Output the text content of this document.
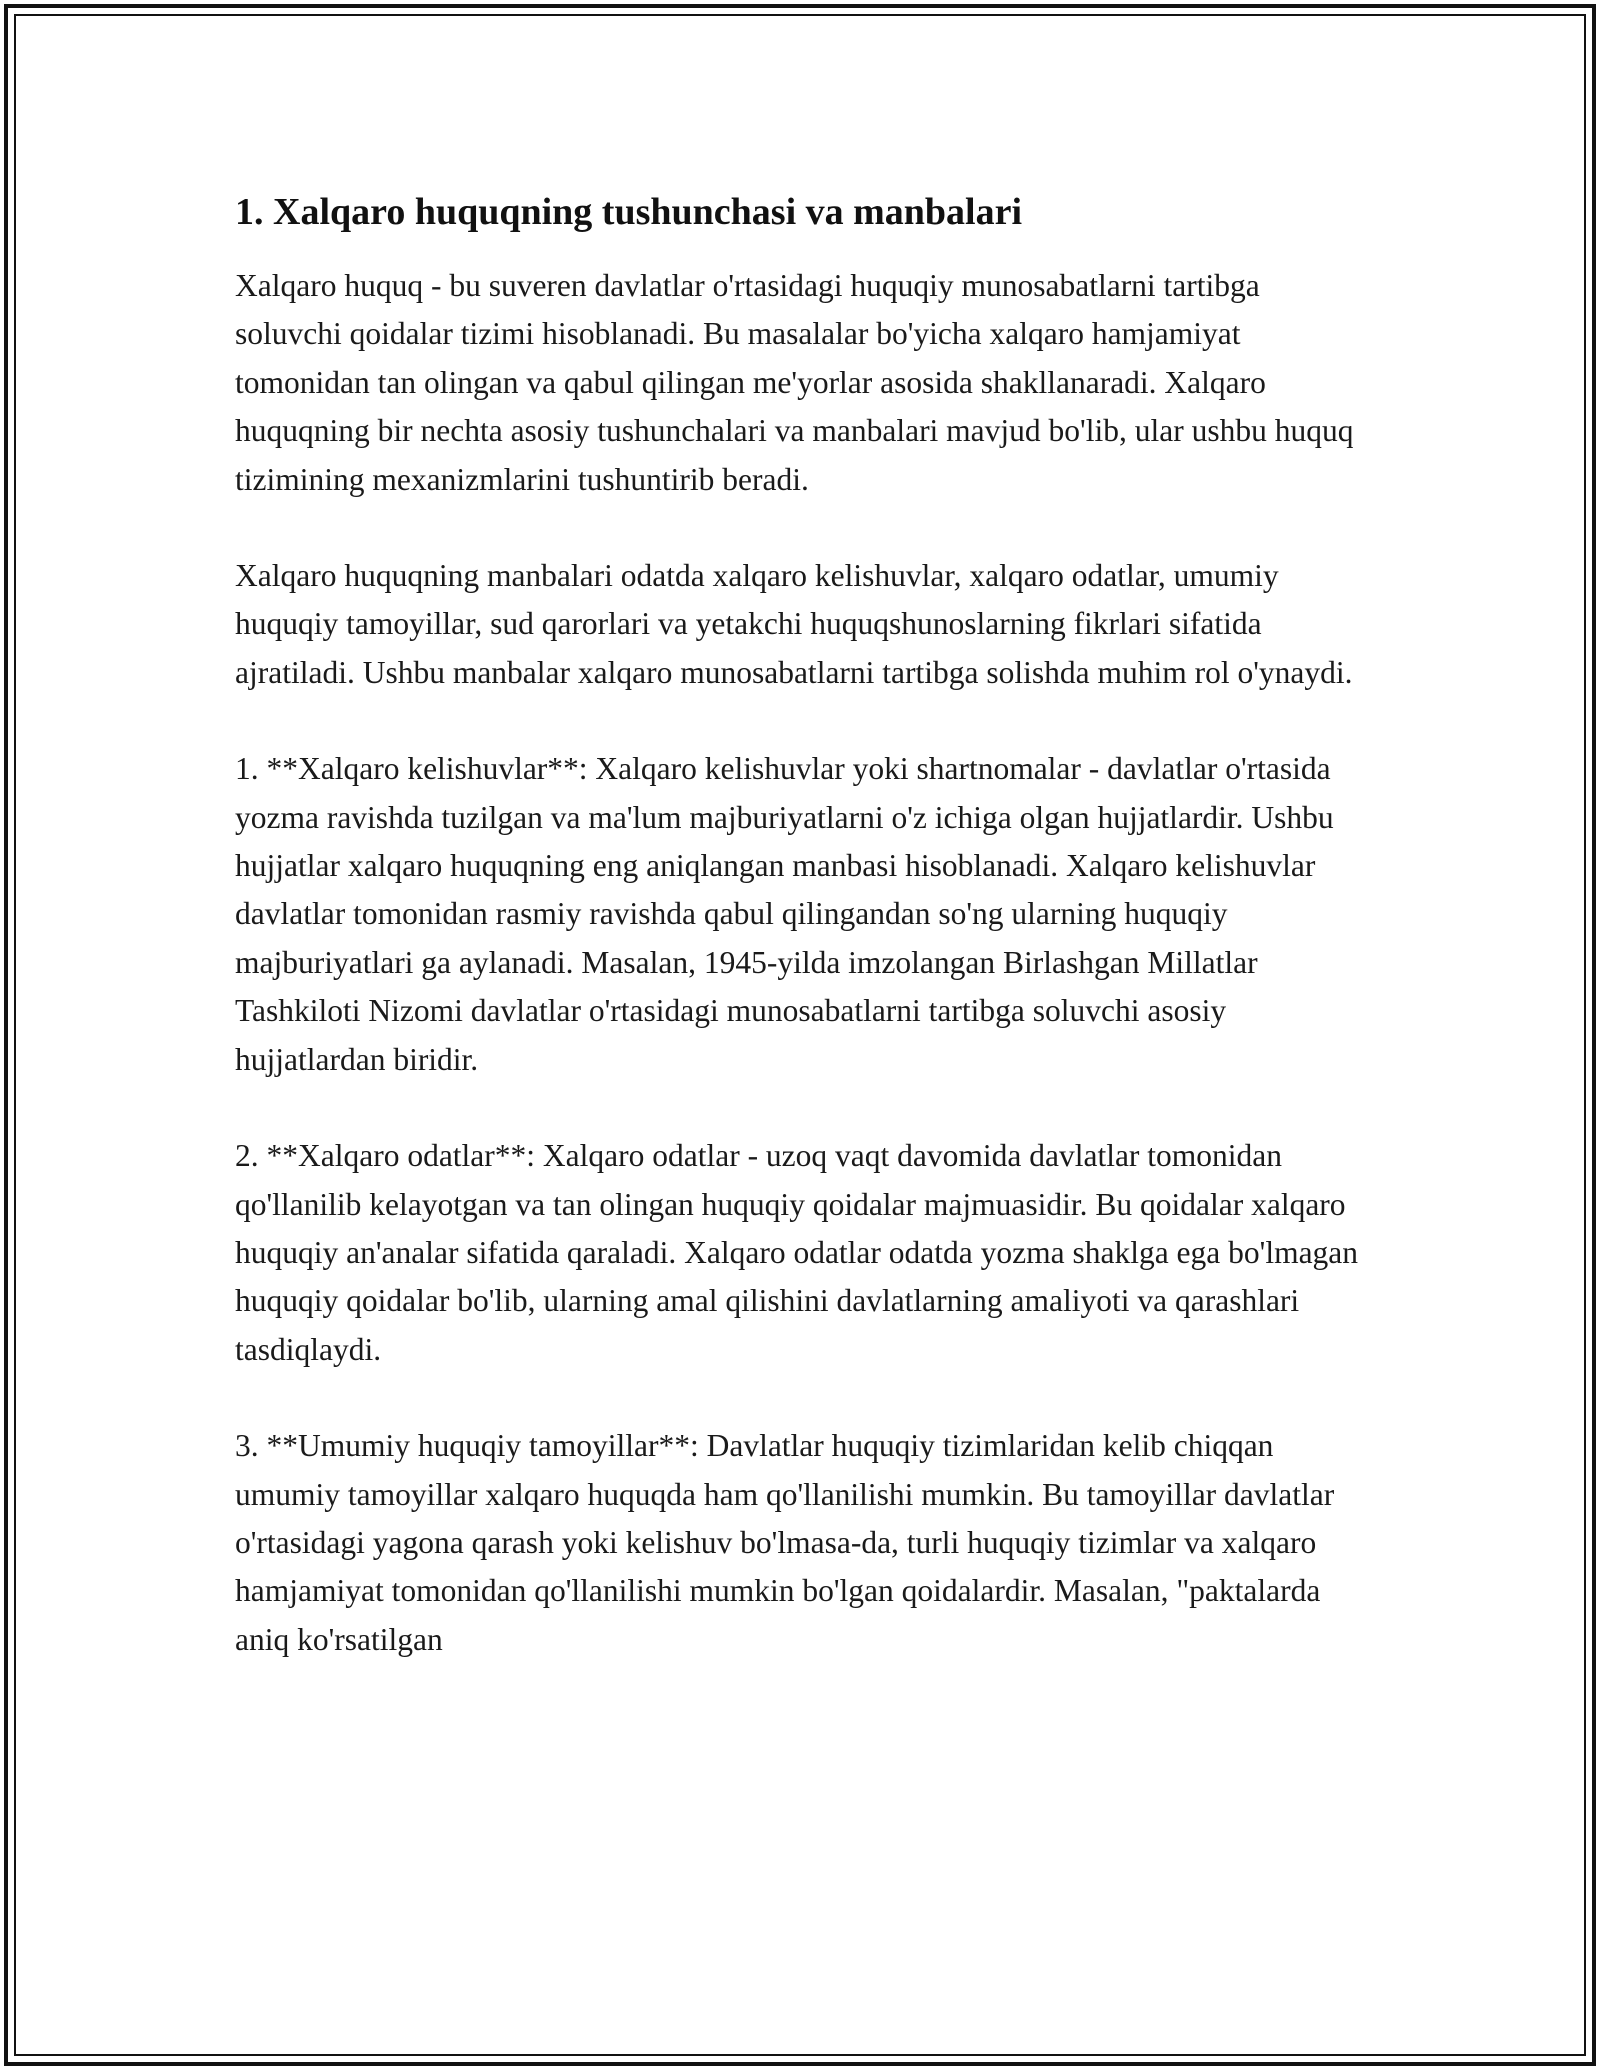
1. Xalqaro huquqning tushunchasi va manbalari

Xalqaro huquq - bu suveren davlatlar o'rtasidagi huquqiy munosabatlarni tartibga soluvchi qoidalar tizimi hisoblanadi. Bu masalalar bo'yicha xalqaro hamjamiyat tomonidan tan olingan va qabul qilingan me'yorlar asosida shakllanaradi. Xalqaro huquqning bir nechta asosiy tushunchalari va manbalari mavjud bo'lib, ular ushbu huquq tizimining mexanizmlarini tushuntirib beradi.

Xalqaro huquqning manbalari odatda xalqaro kelishuvlar, xalqaro odatlar, umumiy huquqiy tamoyillar, sud qarorlari va yetakchi huquqshunoslarning fikrlari sifatida ajratiladi. Ushbu manbalar xalqaro munosabatlarni tartibga solishda muhim rol o'ynaydi.

1. **Xalqaro kelishuvlar**: Xalqaro kelishuvlar yoki shartnomalar - davlatlar o'rtasida yozma ravishda tuzilgan va ma'lum majburiyatlarni o'z ichiga olgan hujjatlardir. Ushbu hujjatlar xalqaro huquqning eng aniqlangan manbasi hisoblanadi. Xalqaro kelishuvlar davlatlar tomonidan rasmiy ravishda qabul qilingandan so'ng ularning huquqiy majburiyatlari ga aylanadi. Masalan, 1945-yilda imzolangan Birlashgan Millatlar Tashkiloti Nizomi davlatlar o'rtasidagi munosabatlarni tartibga soluvchi asosiy hujjatlardan biridir.

2. **Xalqaro odatlar**: Xalqaro odatlar - uzoq vaqt davomida davlatlar tomonidan qo'llanilib kelayotgan va tan olingan huquqiy qoidalar majmuasidir. Bu qoidalar xalqaro huquqiy an'analar sifatida qaraladi. Xalqaro odatlar odatda yozma shaklga ega bo'lmagan huquqiy qoidalar bo'lib, ularning amal qilishini davlatlarning amaliyoti va qarashlari tasdiqlaydi.

3. **Umumiy huquqiy tamoyillar**: Davlatlar huquqiy tizimlaridan kelib chiqqan umumiy tamoyillar xalqaro huquqda ham qo'llanilishi mumkin. Bu tamoyillar davlatlar o'rtasidagi yagona qarash yoki kelishuv bo'lmasa-da, turli huquqiy tizimlar va xalqaro hamjamiyat tomonidan qo'llanilishi mumkin bo'lgan qoidalardir. Masalan, "paktalarda aniq ko'rsatilgan
